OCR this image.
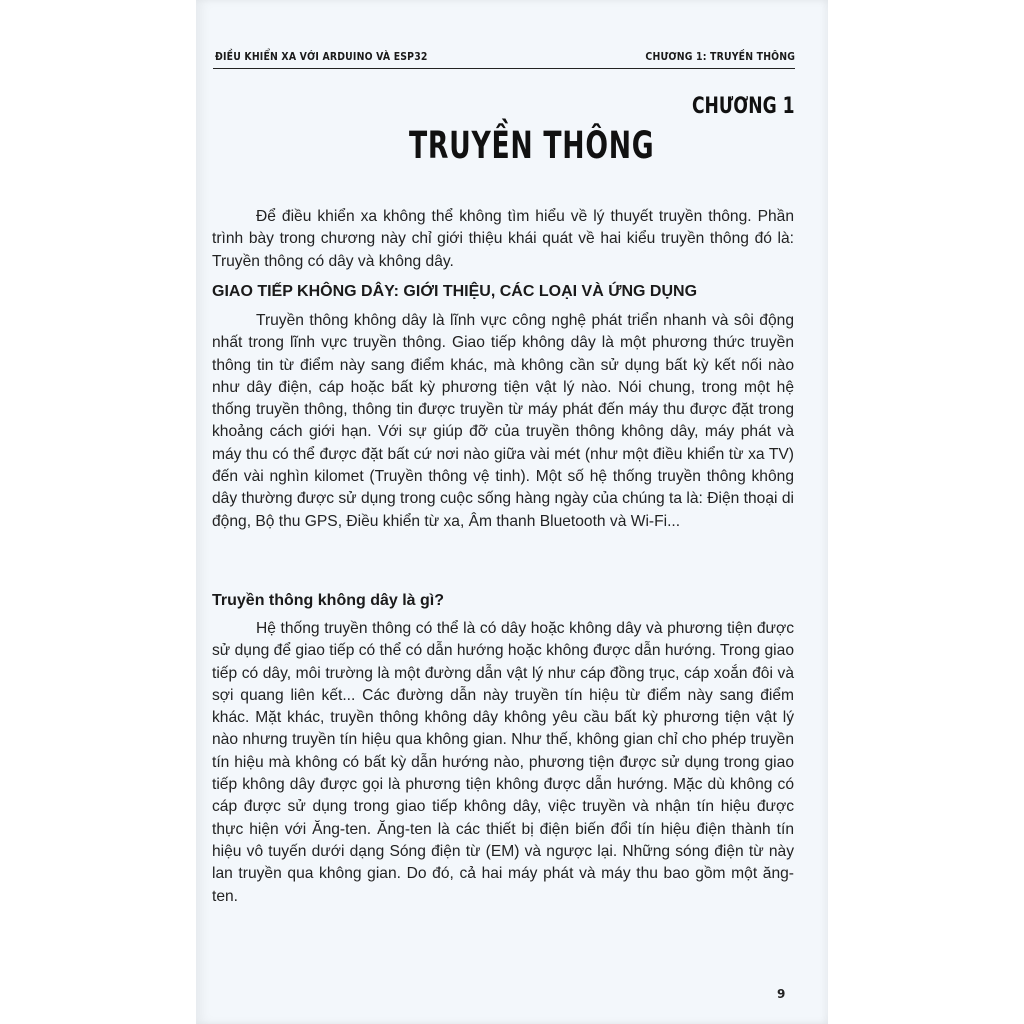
ĐIỀU KHIỂN XA VỚI ARDUINO VÀ ESP32	CHƯƠNG 1: TRUYỀN THÔNG
CHƯƠNG 1
TRUYỀN THÔNG
Để điều khiển xa không thể không tìm hiểu về lý thuyết truyền thông. Phần trình bày trong chương này chỉ giới thiệu khái quát về hai kiểu truyền thông đó là: Truyền thông có dây và không dây.
GIAO TIẾP KHÔNG DÂY: GIỚI THIỆU, CÁC LOẠI VÀ ỨNG DỤNG
Truyền thông không dây là lĩnh vực công nghệ phát triển nhanh và sôi động nhất trong lĩnh vực truyền thông. Giao tiếp không dây là một phương thức truyền thông tin từ điểm này sang điểm khác, mà không cần sử dụng bất kỳ kết nối nào như dây điện, cáp hoặc bất kỳ phương tiện vật lý nào. Nói chung, trong một hệ thống truyền thông, thông tin được truyền từ máy phát đến máy thu được đặt trong khoảng cách giới hạn. Với sự giúp đỡ của truyền thông không dây, máy phát và máy thu có thể được đặt bất cứ nơi nào giữa vài mét (như một điều khiển từ xa TV) đến vài nghìn kilomet (Truyền thông vệ tinh). Một số hệ thống truyền thông không dây thường được sử dụng trong cuộc sống hàng ngày của chúng ta là: Điện thoại di động, Bộ thu GPS, Điều khiển từ xa, Âm thanh Bluetooth và Wi-Fi...
Truyền thông không dây là gì?
Hệ thống truyền thông có thể là có dây hoặc không dây và phương tiện được sử dụng để giao tiếp có thể có dẫn hướng hoặc không được dẫn hướng. Trong giao tiếp có dây, môi trường là một đường dẫn vật lý như cáp đồng trục, cáp xoắn đôi và sợi quang liên kết... Các đường dẫn này truyền tín hiệu từ điểm này sang điểm khác. Mặt khác, truyền thông không dây không yêu cầu bất kỳ phương tiện vật lý nào nhưng truyền tín hiệu qua không gian. Như thế, không gian chỉ cho phép truyền tín hiệu mà không có bất kỳ dẫn hướng nào, phương tiện được sử dụng trong giao tiếp không dây được gọi là phương tiện không được dẫn hướng. Mặc dù không có cáp được sử dụng trong giao tiếp không dây, việc truyền và nhận tín hiệu được thực hiện với Ăng-ten. Ăng-ten là các thiết bị điện biến đổi tín hiệu điện thành tín hiệu vô tuyến dưới dạng Sóng điện từ (EM) và ngược lại. Những sóng điện từ này lan truyền qua không gian. Do đó, cả hai máy phát và máy thu bao gồm một ăng-ten.
9
